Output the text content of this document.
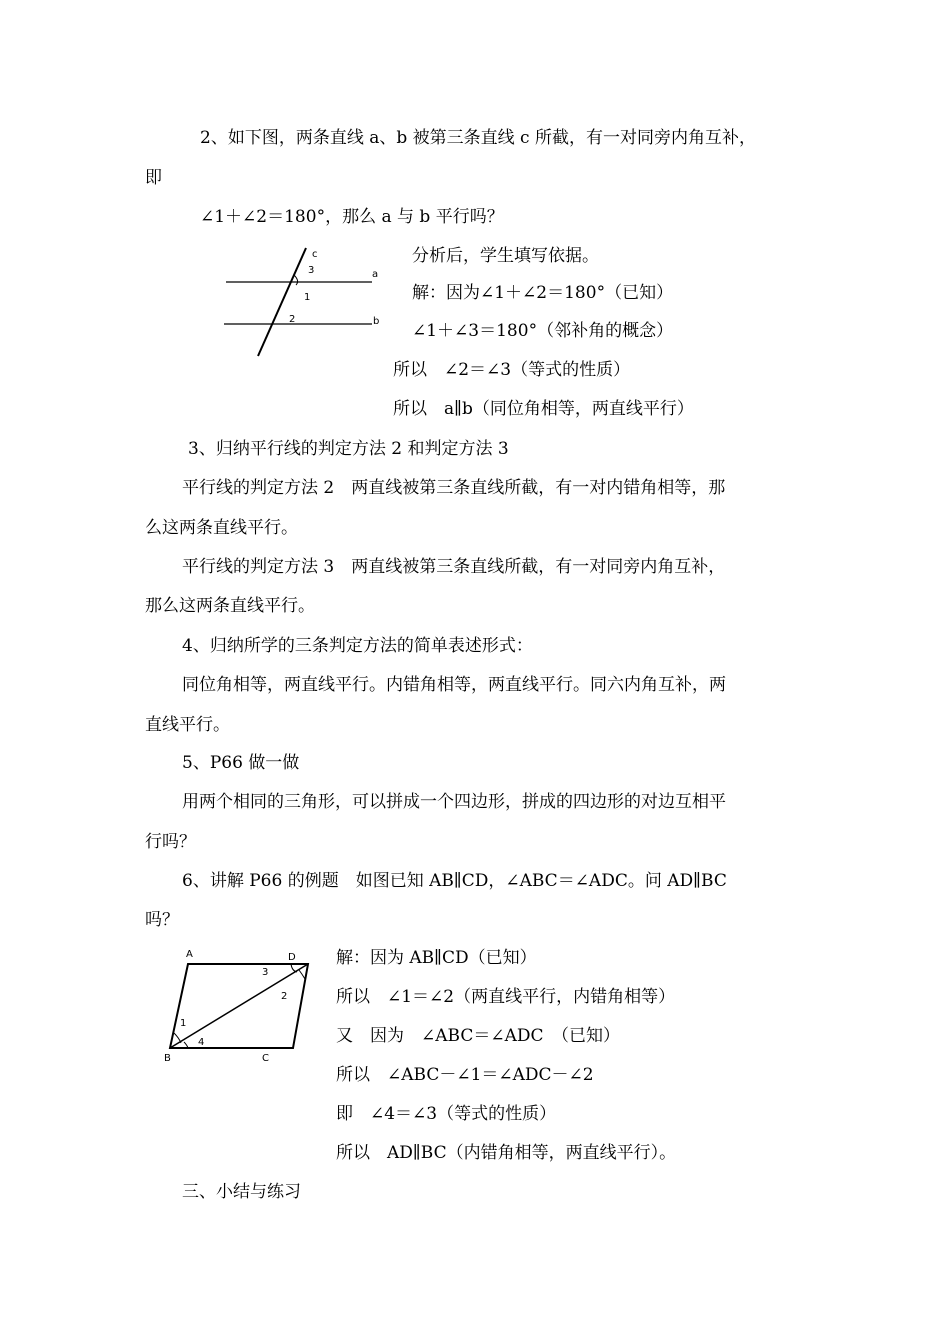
2、如下图，两条直线 a、b 被第三条直线 c 所截，有一对同旁内角互补，
即
∠1＋∠2＝180°，那么 a 与 b 平行吗？
c
3	a
1
2	b
分析后，学生填写依据。
解：因为∠1＋∠2＝180°（已知）
∠1＋∠3＝180°（邻补角的概念）
所以　∠2＝∠3（等式的性质）
所以　a∥b（同位角相等，两直线平行）
3、归纳平行线的判定方法 2 和判定方法 3
平行线的判定方法 2　两直线被第三条直线所截，有一对内错角相等，那
么这两条直线平行。
平行线的判定方法 3　两直线被第三条直线所截，有一对同旁内角互补，
那么这两条直线平行。
4、归纳所学的三条判定方法的简单表述形式：
同位角相等，两直线平行。内错角相等，两直线平行。同六内角互补，两
直线平行。
5、P66 做一做
用两个相同的三角形，可以拼成一个四边形，拼成的四边形的对边互相平
行吗？
6、讲解 P66 的例题　如图已知 AB∥CD，∠ABC＝∠ADC。问 AD∥BC
吗？
A	D
3
2
1
4
B	C
解：因为 AB∥CD（已知）
所以　∠1＝∠2（两直线平行，内错角相等）
又　因为　∠ABC＝∠ADC　（已知）
所以　∠ABC－∠1＝∠ADC－∠2
即　∠4＝∠3（等式的性质）
所以　AD∥BC（内错角相等，两直线平行）。
三、小结与练习
